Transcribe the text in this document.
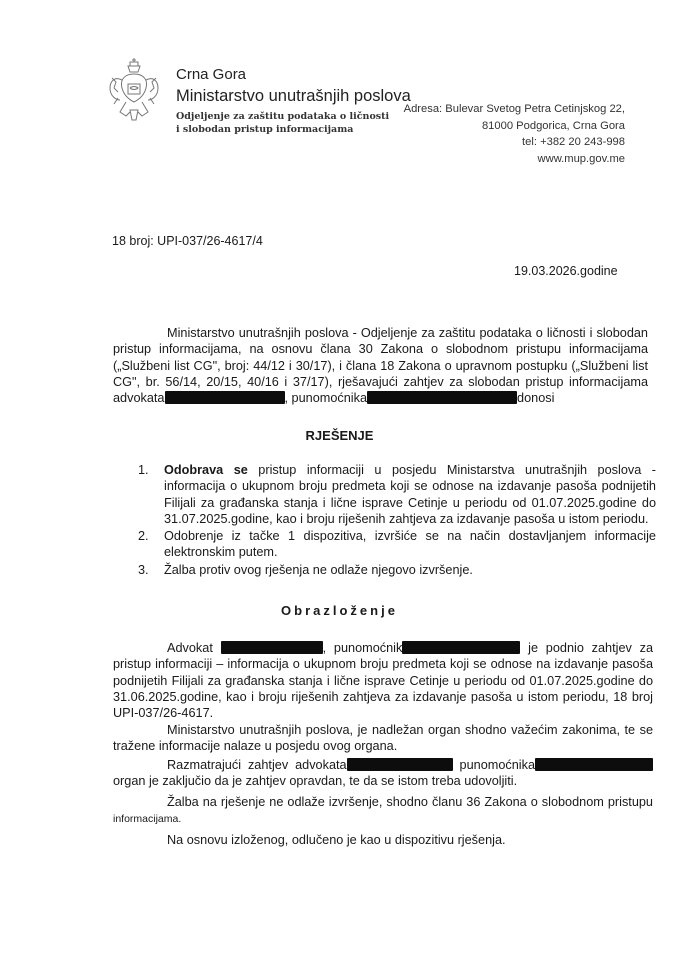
Crna Gora
Ministarstvo unutrašnjih poslova
Odjeljenje za zaštitu podataka o ličnosti
i slobodan pristup informacijama
Adresa: Bulevar Svetog Petra Cetinjskog 22,
81000 Podgorica, Crna Gora
tel: +382 20 243-998
www.mup.gov.me
18 broj: UPI-037/26-4617/4
19.03.2026.godine
Ministarstvo unutrašnjih poslova - Odjeljenje za zaštitu podataka o ličnosti i slobodan pristup informacijama, na osnovu člana 30 Zakona o slobodnom pristupu informacijama („Službeni list CG", broj: 44/12 i 30/17), i člana 18 Zakona o upravnom postupku („Službeni list CG", br. 56/14, 20/15, 40/16 i 37/17), rješavajući zahtjev za slobodan pristup informacijama advokata	, punomoćnika	donosi
RJEŠENJE
1. Odobrava se pristup informaciji u posjedu Ministarstva unutrašnjih poslova - informacija o ukupnom broju predmeta koji se odnose na izdavanje pasoša podnijetih Filijali za građanska stanja i lične isprave Cetinje u periodu od 01.07.2025.godine do 31.07.2025.godine, kao i broju riješenih zahtjeva za izdavanje pasoša u istom periodu.
2. Odobrenje iz tačke 1 dispozitiva, izvršiće se na način dostavljanjem informacije elektronskim putem.
3. Žalba protiv ovog rješenja ne odlaže njegovo izvršenje.
Obrazloženje
Advokat	, punomoćnik	je podnio zahtjev za pristup informaciji – informacija o ukupnom broju predmeta koji se odnose na izdavanje pasoša podnijetih Filijali za građanska stanja i lične isprave Cetinje u periodu od 01.07.2025.godine do 31.06.2025.godine, kao i broju riješenih zahtjeva za izdavanje pasoša u istom periodu, 18 broj UPI-037/26-4617.
Ministarstvo unutrašnjih poslova, je nadležan organ shodno važećim zakonima, te se tražene informacije nalaze u posjedu ovog organa.
Razmatrajući zahtjev advokata	punomoćnika organ je zaključio da je zahtjev opravdan, te da se istom treba udovoljiti.
Žalba na rješenje ne odlaže izvršenje, shodno članu 36 Zakona o slobodnom pristupu informacijama.
Na osnovu izloženog, odlučeno je kao u dispozitivu rješenja.
